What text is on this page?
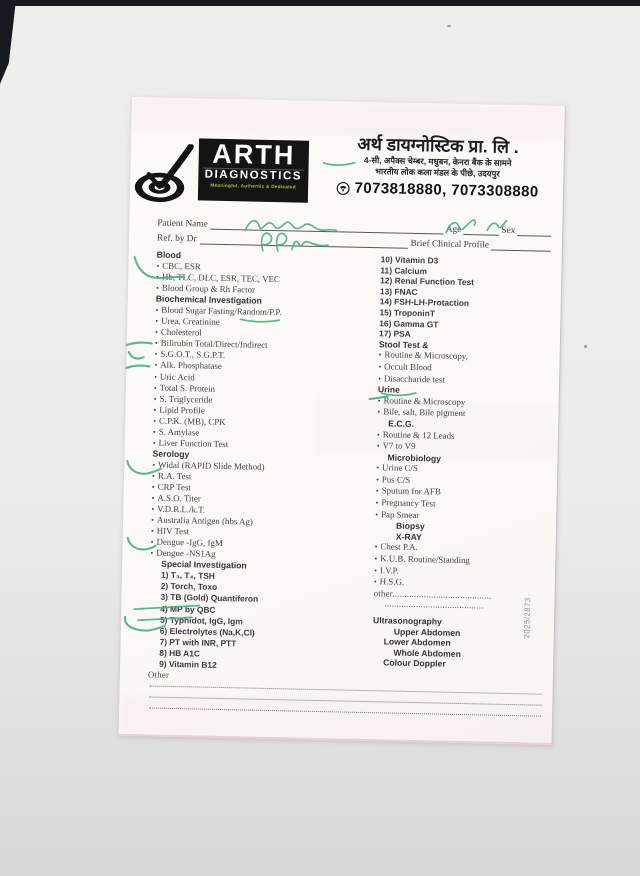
ARTH
DIAGNOSTICS
Meaningful, Authentic & Dedicated
अर्थ डायग्नोस्टिक प्रा. लि .
4-सी, अपैक्स चेम्बर, मधुबन, केनरा बैंक के सामने
भारतीय लोक कला मंडल के पीछे, उदयपुर
7073818880, 7073308880
Patient Name
Age	Sex
Ref. by Dr	Brief Clinical Profile
Blood
• CBC, ESR
• Hb, TLC, DLC, ESR, TEC, VEC
• Blood Group & Rh Factor
Biochemical Investigation
• Blood Sugar Fasting/Random/P.P.
• Urea, Creatinine
• Cholesterol
• Bilirubin Total/Direct/Indirect
• S.G.O.T., S.G.P.T.
• Alk. Phosphatase
• Uric Acid
• Total S. Protein
• S. Triglyceride
• Lipid Profile
• C.P.K. (MB), CPK
• S. Amylase
• Liver Function Test
Serology
• Widal (RAPID Slide Method)
• R.A. Test
• CRP Test
• A.S.O. Titer
• V.D.R.L./k.T.
• Australia Antigen (hbs Ag)
• HIV Test
• Dengue -IgG, IgM
• Dengue -NS1Ag
Special Investigation
1) T₃, T₄, TSH
2) Torch, Toxo
3) TB (Gold) Quantiferon
4) MP by QBC
5) Typhidot, IgG, Igm
6) Electrolytes (Na,K,Cl)
7) PT with INR, PTT
8) HB A1C
9) Vitamin B12
Other
10) Vitamin D3
11) Calcium
12) Renal Function Test
13) FNAC
14) FSH-LH-Protaction
15) TroponinT
16) Gamma GT
17) PSA
Stool Test &
• Routine & Microscopy,
• Occult Blood
• Disaccharide test
Urine
• Routine & Microscopy
• Bile, salt, Bile pigment
E.C.G.
• Routine & 12 Leads
• V7 to V9
Microbiology
• Urine C/S
• Pus C/S
• Sputum for AFB
• Pregnancy Test
• Pap Smear
Biopsy
X-RAY
• Chest P.A.
• K.U.B. Routine/Standing
• I.V.P.
• H.S.G.
other.........................................
.........................................
Ultrasonography
Upper Abdomen
Lower Abdomen
Whole Abdomen
Colour Doppler
2025/2873
